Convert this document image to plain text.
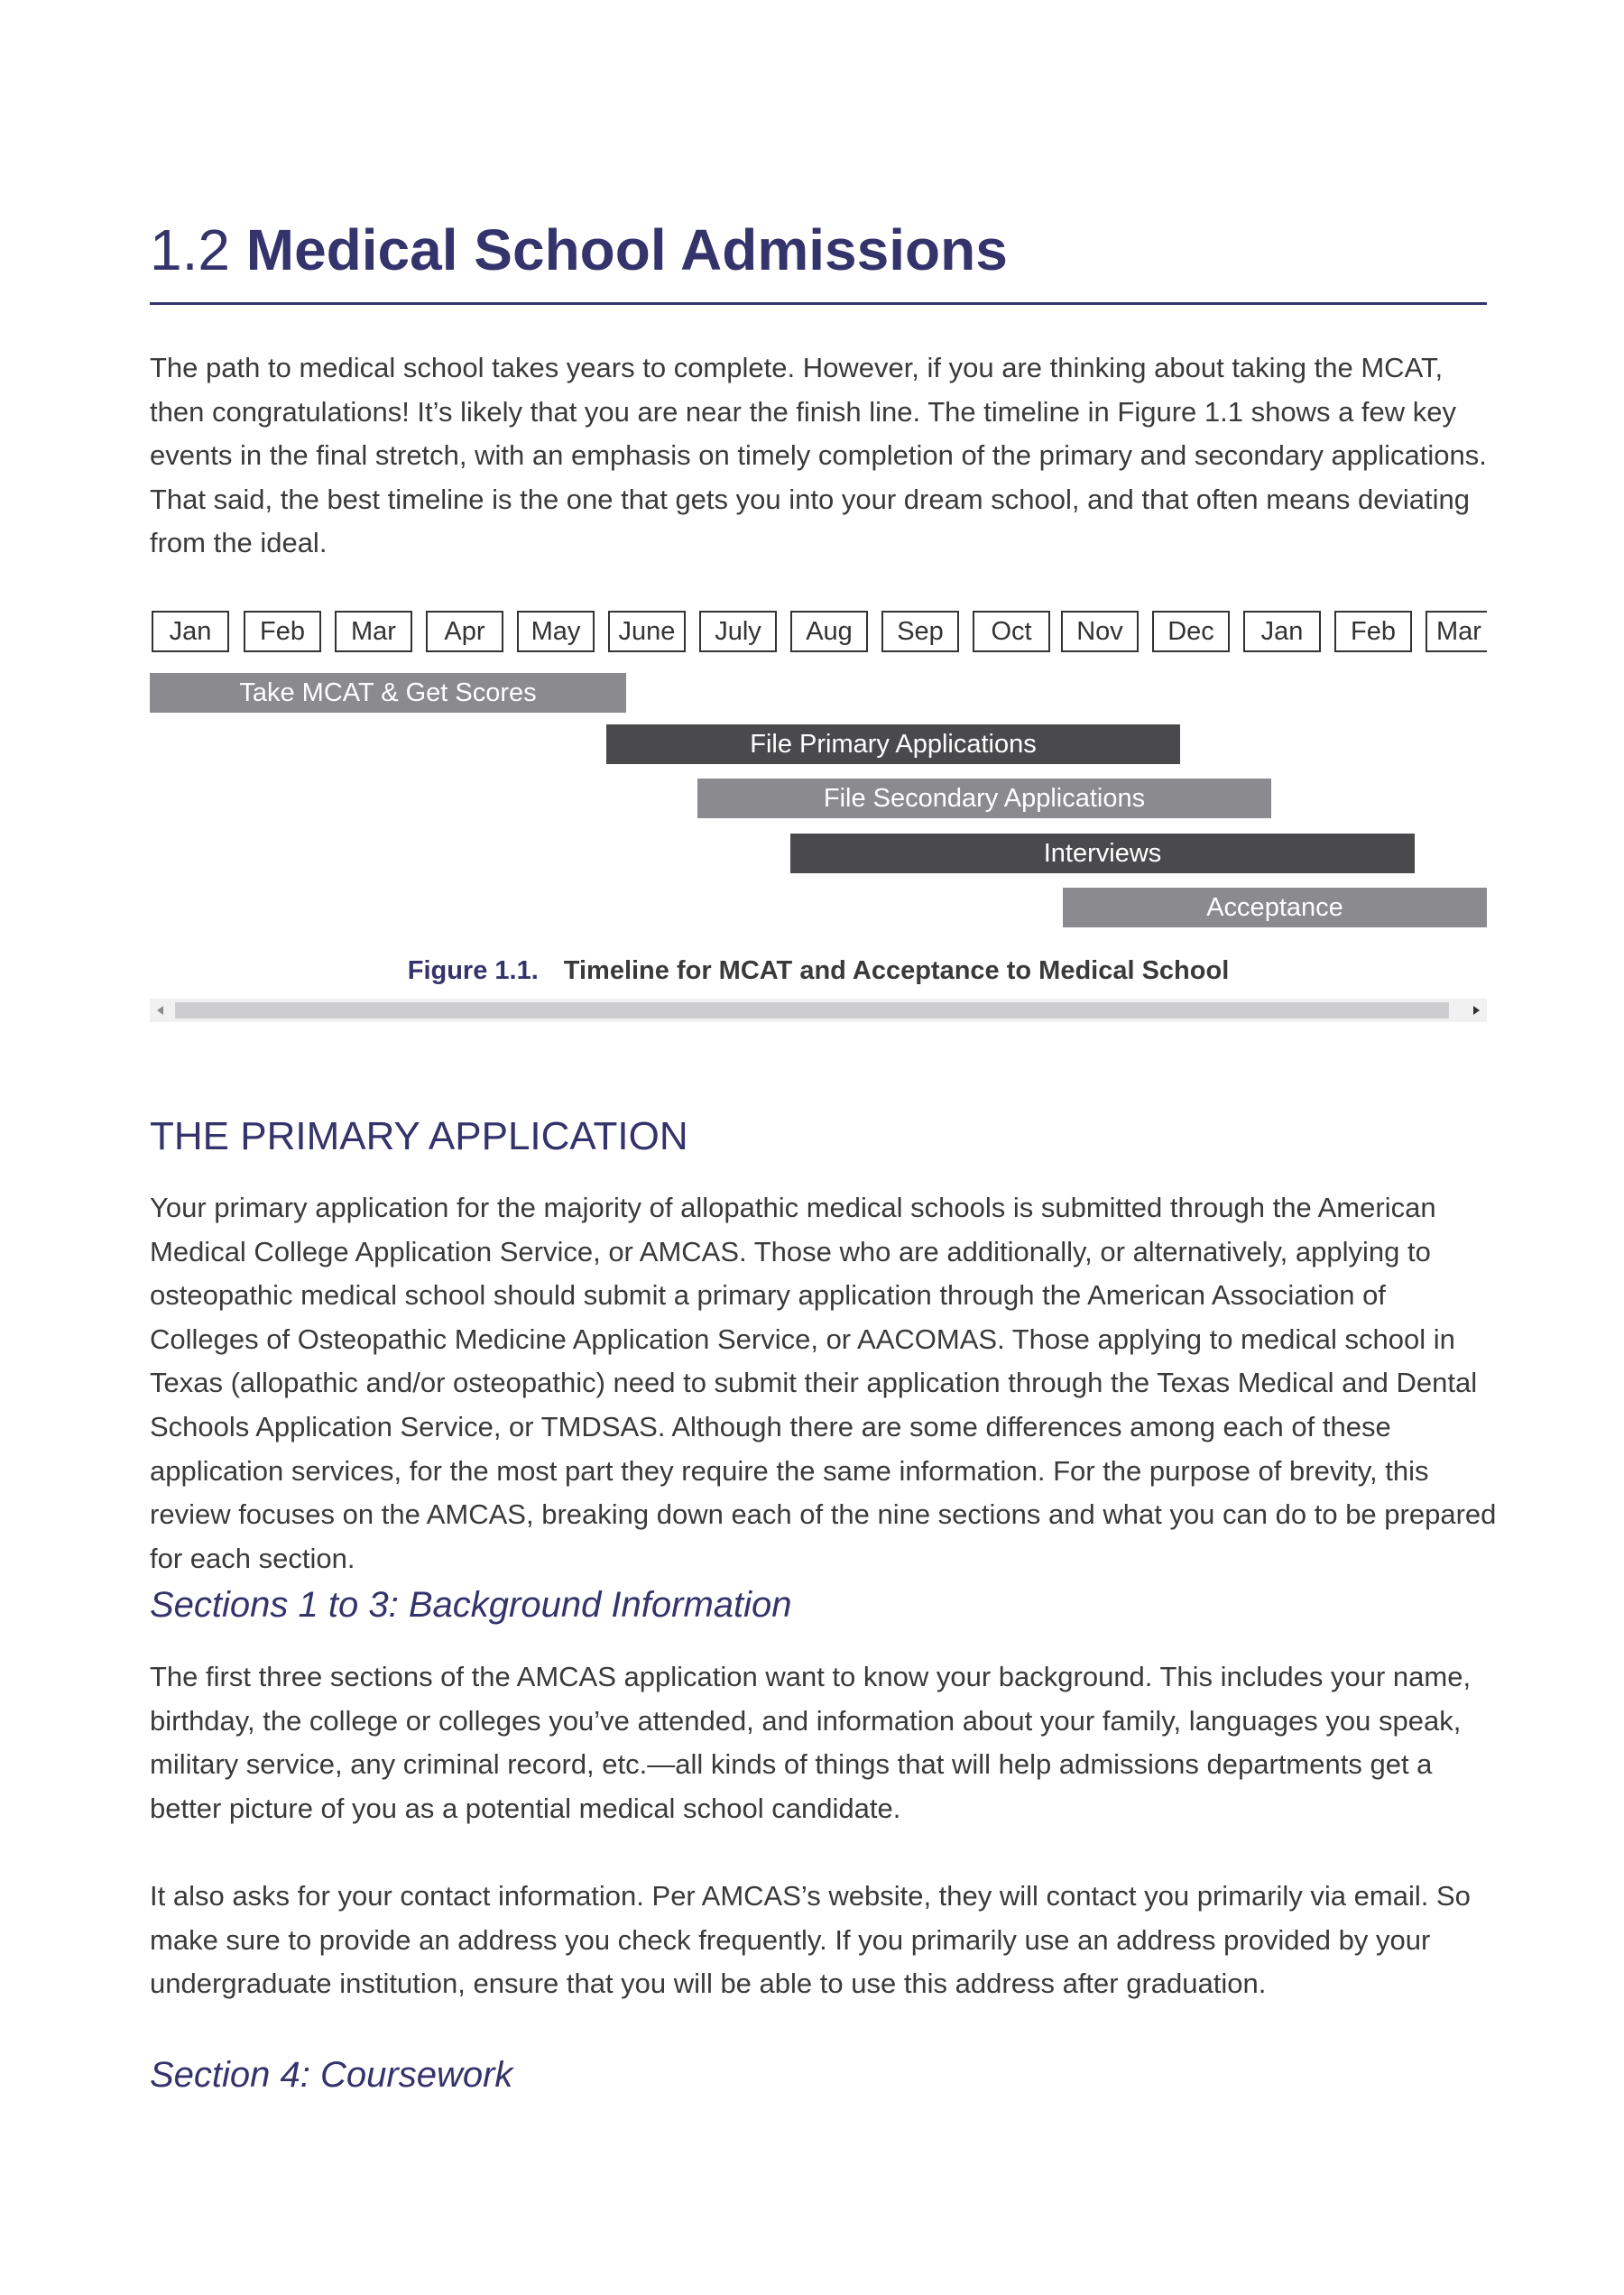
1.2 Medical School Admissions

The path to medical school takes years to complete. However, if you are thinking about taking the MCAT, then congratulations! It’s likely that you are near the finish line. The timeline in Figure 1.1 shows a few key events in the final stretch, with an emphasis on timely completion of the primary and secondary applications. That said, the best timeline is the one that gets you into your dream school, and that often means deviating from the ideal.

Jan	Feb	Mar	Apr	May	June	July	Aug	Sep	Oct	Nov	Dec	Jan	Feb	Mar
Take MCAT & Get Scores
File Primary Applications
File Secondary Applications
Interviews
Acceptance
Figure 1.1. Timeline for MCAT and Acceptance to Medical School
THE PRIMARY APPLICATION

Your primary application for the majority of allopathic medical schools is submitted through the American Medical College Application Service, or AMCAS. Those who are additionally, or alternatively, applying to osteopathic medical school should submit a primary application through the American Association of Colleges of Osteopathic Medicine Application Service, or AACOMAS. Those applying to medical school in Texas (allopathic and/or osteopathic) need to submit their application through the Texas Medical and Dental Schools Application Service, or TMDSAS. Although there are some differences among each of these application services, for the most part they require the same information. For the purpose of brevity, this review focuses on the AMCAS, breaking down each of the nine sections and what you can do to be prepared for each section.

Sections 1 to 3: Background Information

The first three sections of the AMCAS application want to know your background. This includes your name, birthday, the college or colleges you’ve attended, and information about your family, languages you speak, military service, any criminal record, etc.—all kinds of things that will help admissions departments get a better picture of you as a potential medical school candidate.

It also asks for your contact information. Per AMCAS’s website, they will contact you primarily via email. So make sure to provide an address you check frequently. If you primarily use an address provided by your undergraduate institution, ensure that you will be able to use this address after graduation.

Section 4: Coursework
